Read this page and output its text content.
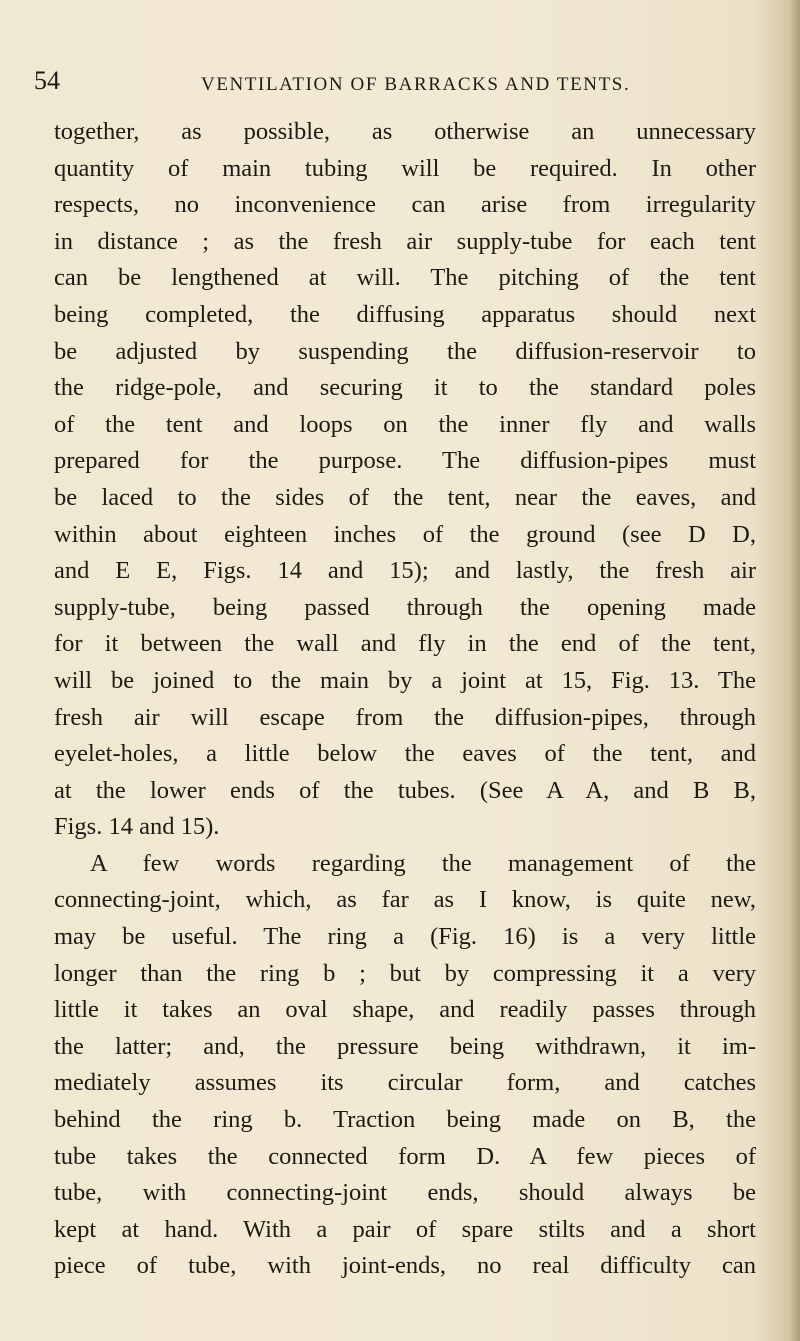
54	VENTILATION OF BARRACKS AND TENTS.
together, as possible, as otherwise an unnecessary
quantity of main tubing will be required. In other
respects, no inconvenience can arise from irregularity
in distance ; as the fresh air supply-tube for each tent
can be lengthened at will. The pitching of the tent
being completed, the diffusing apparatus should next
be adjusted by suspending the diffusion-reservoir to
the ridge-pole, and securing it to the standard poles
of the tent and loops on the inner fly and walls
prepared for the purpose. The diffusion-pipes must
be laced to the sides of the tent, near the eaves, and
within about eighteen inches of the ground (see D D,
and E E, Figs. 14 and 15); and lastly, the fresh air
supply-tube, being passed through the opening made
for it between the wall and fly in the end of the tent,
will be joined to the main by a joint at 15, Fig. 13. The
fresh air will escape from the diffusion-pipes, through
eyelet-holes, a little below the eaves of the tent, and
at the lower ends of the tubes. (See A A, and B B,
Figs. 14 and 15).
A few words regarding the management of the
connecting-joint, which, as far as I know, is quite new,
may be useful. The ring a (Fig. 16) is a very little
longer than the ring b ; but by compressing it a very
little it takes an oval shape, and readily passes through
the latter; and, the pressure being withdrawn, it im-
mediately assumes its circular form, and catches
behind the ring b. Traction being made on B, the
tube takes the connected form D. A few pieces of
tube, with connecting-joint ends, should always be
kept at hand. With a pair of spare stilts and a short
piece of tube, with joint-ends, no real difficulty can
